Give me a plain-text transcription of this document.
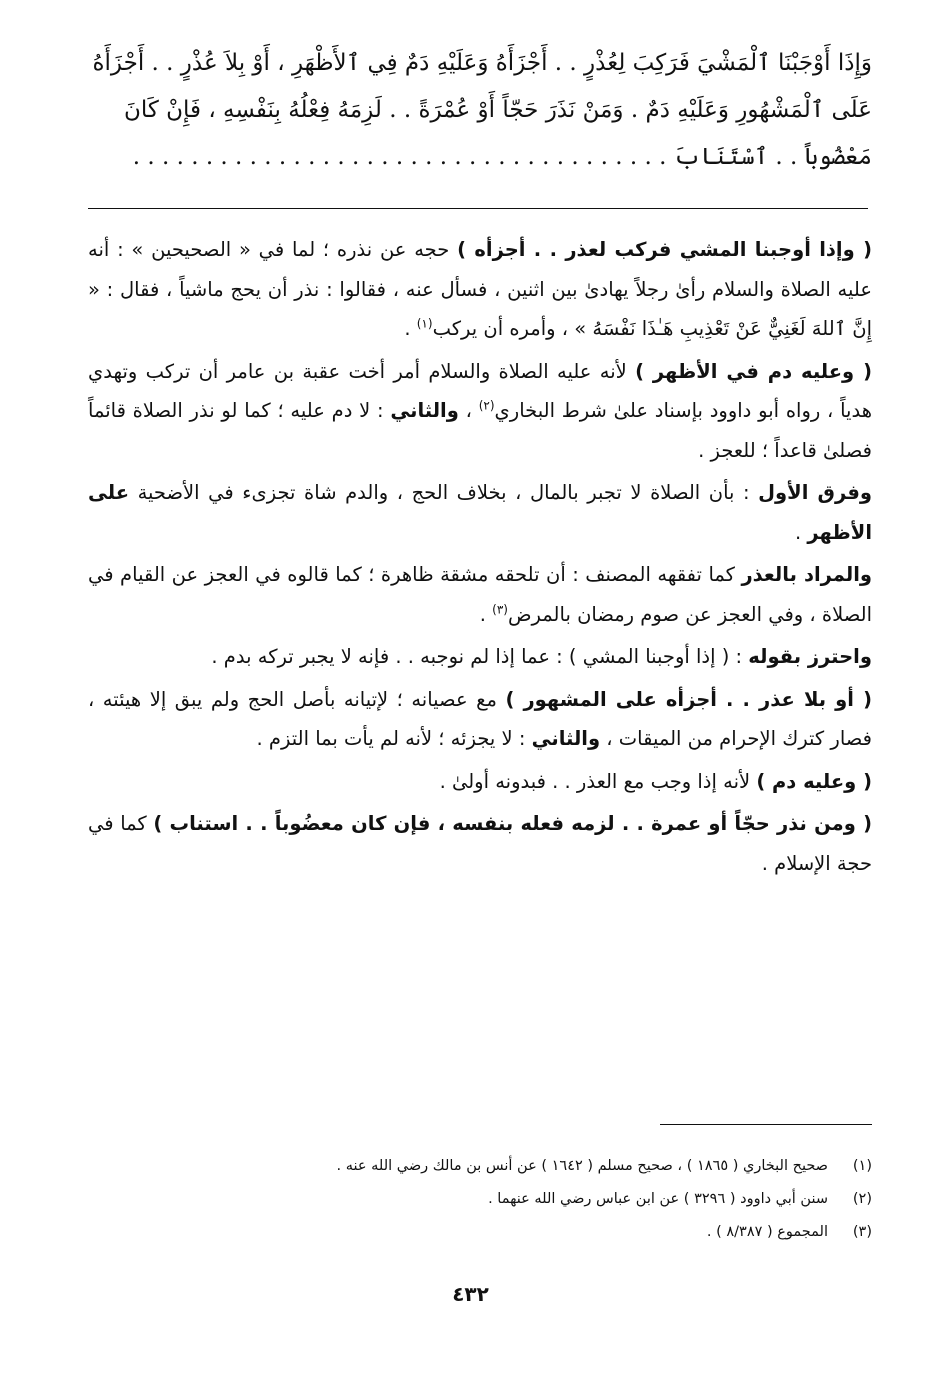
وَإِذَا أَوْجَبْنَا ٱلْمَشْيَ فَرَكِبَ لِعُذْرٍ . . أَجْزَأَهُ وَعَلَيْهِ دَمٌ فِي ٱلأَظْهَرِ ، أَوْ بِلاَ عُذْرٍ . . أَجْزَأَهُ

عَلَى ٱلْمَشْهُورِ وَعَلَيْهِ دَمٌ . وَمَنْ نَذَرَ حَجّاً أَوْ عُمْرَةً . . لَزِمَهُ فِعْلُهُ بِنَفْسِهِ ، فَإِنْ كَانَ

مَعْضُوباً . . ٱسْتَنَابَ . . . . . . . . . . . . . . . . . . . . . . . . . . . . . . . . . . . . .

( وإذا أوجبنا المشي فركب لعذر . . أجزأه ) حجه عن نذره ؛ لما في « الصحيحين » : أنه عليه الصلاة والسلام رأىٰ رجلاً يهادىٰ بين اثنين ، فسأل عنه ، فقالوا : نذر أن يحج ماشياً ، فقال : « إِنَّ ٱللهَ لَغَنِيٌّ عَنْ تَعْذِيبِ هَـٰذَا نَفْسَهُ » ، وأمره أن يركب$^{(١)}$ .

( وعليه دم في الأظهر ) لأنه عليه الصلاة والسلام أمر أخت عقبة بن عامر أن تركب وتهدي هدياً ، رواه أبو داوود بإسناد علىٰ شرط البخاري$^{(٢)}$ ، والثاني : لا دم عليه ؛ كما لو نذر الصلاة قائماً فصلىٰ قاعداً ؛ للعجز .

وفرق الأول : بأن الصلاة لا تجبر بالمال ، بخلاف الحج ، والدم شاة تجزىء في الأضحية على الأظهر .

والمراد بالعذر كما تفقهه المصنف : أن تلحقه مشقة ظاهرة ؛ كما قالوه في العجز عن القيام في الصلاة ، وفي العجز عن صوم رمضان بالمرض$^{(٣)}$ .

واحترز بقوله : ( إذا أوجبنا المشي ) : عما إذا لم نوجبه . . فإنه لا يجبر تركه بدم .

( أو بلا عذر . . أجزأه على المشهور ) مع عصيانه ؛ لإتيانه بأصل الحج ولم يبق إلا هيئته ، فصار كترك الإحرام من الميقات ، والثاني : لا يجزئه ؛ لأنه لم يأت بما التزم .

( وعليه دم ) لأنه إذا وجب مع العذر . . فبدونه أولىٰ .

( ومن نذر حجّاً أو عمرة . . لزمه فعله بنفسه ، فإن كان معضُوباً . . استناب ) كما في حجة الإسلام .

(١)
صحيح البخاري ( ١٨٦٥ ) ، صحيح مسلم ( ١٦٤٢ ) عن أنس بن مالك رضي الله عنه .
(٢)
سنن أبي داوود ( ٣٢٩٦ ) عن ابن عباس رضي الله عنهما .
(٣)
المجموع ( ٨/٣٨٧ ) .
٤٣٢
